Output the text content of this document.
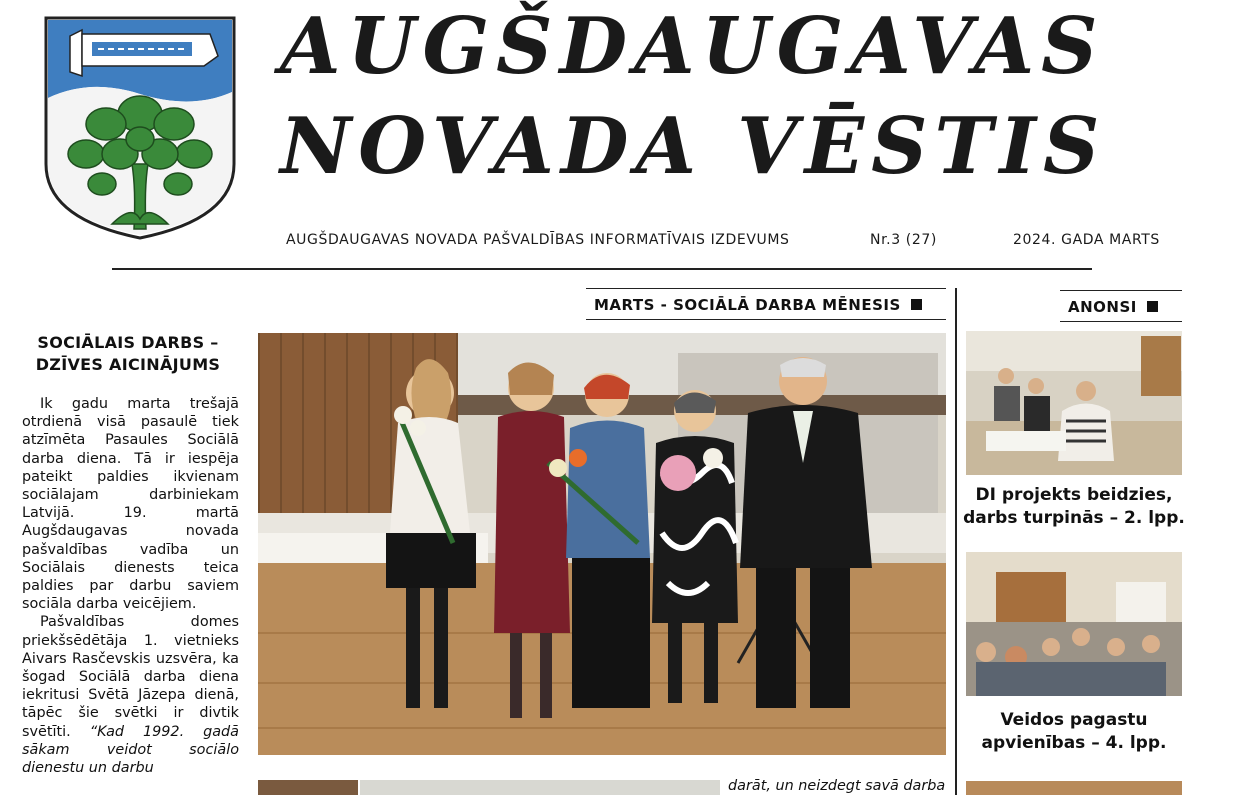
AUGŠDAUGAVAS
NOVADA VĒSTIS
AUGŠDAUGAVAS NOVADA PAŠVALDĪBAS INFORMATĪVAIS IZDEVUMS	Nr.3 (27)	2024. GADA MARTS
SOCIĀLAIS DARBS –
DZĪVES AICINĀJUMS

Ik gadu marta trešajā otrdienā visā pasaulē tiek atzīmēta Pasaules Sociālā darba diena. Tā ir iespēja pateikt paldies ikvienam sociālajam darbiniekam Latvijā. 19. martā Augšdaugavas novada pašvaldības vadība un Sociālais dienests teica paldies par darbu saviem sociāla darba veicējiem.

Pašvaldības domes priekšsēdētāja 1. vietnieks Aivars Rasčevskis uzsvēra, ka šogad Sociālā darba diena iekritusi Svētā Jāzepa dienā, tāpēc šie svētki ir divtik svētīti. “Kad 1992. gadā sākam veidot sociālo dienestu un darbu

MARTS - SOCIĀLĀ DARBA MĒNESIS	ANONSI
darāt, un neizdegt savā darba
DI projekts beidzies,
darbs turpinās – 2. lpp.
Veidos pagastu
apvienības – 4. lpp.
